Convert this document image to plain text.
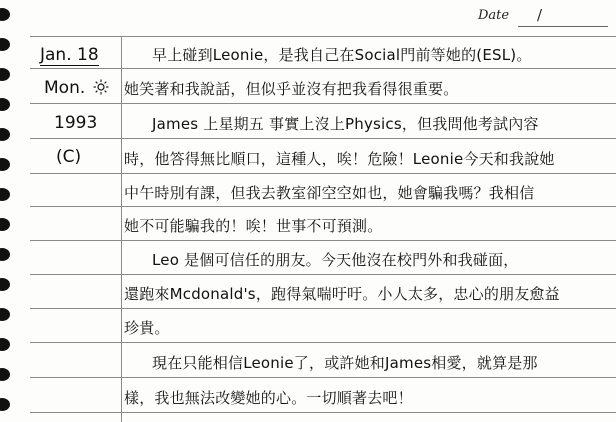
Date /
Jan. 18
Mon.
1993
(C)
早上碰到Leonie，是我自己在Social門前等她的(ESL)。
她笑著和我說話，但似乎並沒有把我看得很重要。
James 上星期五 事實上沒上Physics，但我問他考試內容
時，他答得無比順口，這種人，唉！危險！Leonie今天和我說她
中午時別有課，但我去教室卻空空如也，她會騙我嗎？我相信
她不可能騙我的！唉！世事不可預測。
Leo 是個可信任的朋友。今天他沒在校門外和我碰面，
還跑來Mcdonald's，跑得氣喘吁吁。小人太多，忠心的朋友愈益
珍貴。
現在只能相信Leonie了，或許她和James相愛，就算是那
樣，我也無法改變她的心。一切順著去吧！
